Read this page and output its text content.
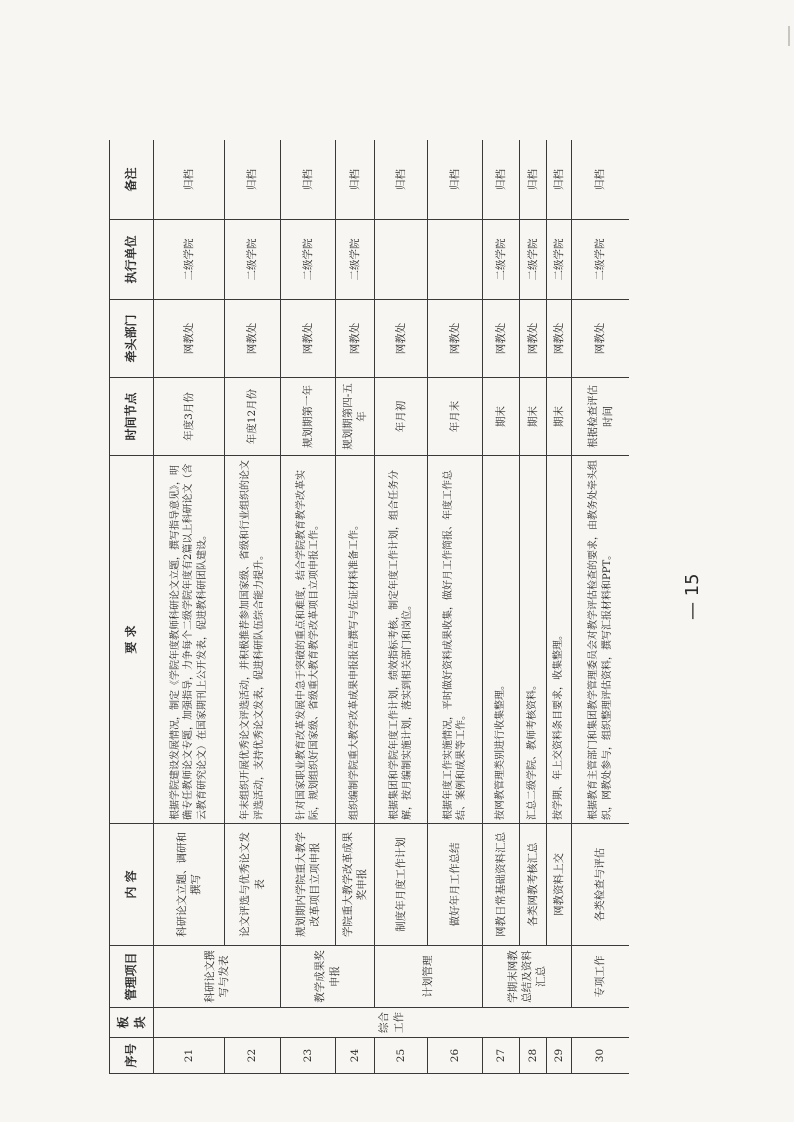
序号	板块	管理项目	内 容	要 求	时间节点	牵头部门	执行单位	备注
21	综合工作	科研论文撰写与发表	科研论文立题、调研和撰写	根据学院建设发展情况，制定《学院年度教师科研论文立题，撰写指导意见》，明确专任教师论文专题，加强指导，力争每个二级学院年度有2篇以上科研论文（含云教育研究论文）在国家期刊上公开发表，促进教科研团队建设。	年度3月份	网教处	二级学院	归档
22			论文评选与优秀论文发表	年末组织开展优秀论文评选活动，并积极推荐参加国家级、省级和行业组织的论文评选活动，支持优秀论文发表，促进科研队伍综合能力提升。	年度12月份	网教处	二级学院	归档
23		教学成果奖申报	规划期内学院重大教学改革项目立项申报	针对国家职业教育改革发展中急于突破的重点和难度，结合学院教育教学改革实际，规划组织好国家级、省级重大教育教学改革项目立项申报工作。	规划期第一年	网教处	二级学院	归档
24			学院重大教学改革成果奖申报	组织编制学院重大教学改革成果申报报告撰写与佐证材料准备工作。	规划期第四-五年	网教处	二级学院	归档
25		计划管理	制度年月度工作计划	根据集团和学院年度工作计划，绩效指标考核，制定年度工作计划，组合任务分解，按月编制实施计划，落实到相关部门和岗位。	年月初	网教处		归档
26			做好年月工作总结	根据年度工作实施情况，平时做好资料成果收集，做好月工作简报、年度工作总结、案例和成果等工作。	年月末	网教处		归档
27		学期末网教总结及资料汇总	网教日常基础资料汇总	按网教管理类别进行收集整理。	期末	网教处	二级学院	归档
28			各类网教考核汇总	汇总二级学院、教师考核资料。	期末	网教处	二级学院	归档
29			网教资料上交	按学期、年上交资料条目要求，收集整理。	期末	网教处	二级学院	归档
30		专项工作	各类检查与评估	根据教育主管部门和集团教学管理委员会对教学评估检查的要求，由教务处牵头组织，网教处参与，组织整理评估资料，撰写汇报材料和PPT。	根据检查评估时间	网教处	二级学院	归档
— 15
